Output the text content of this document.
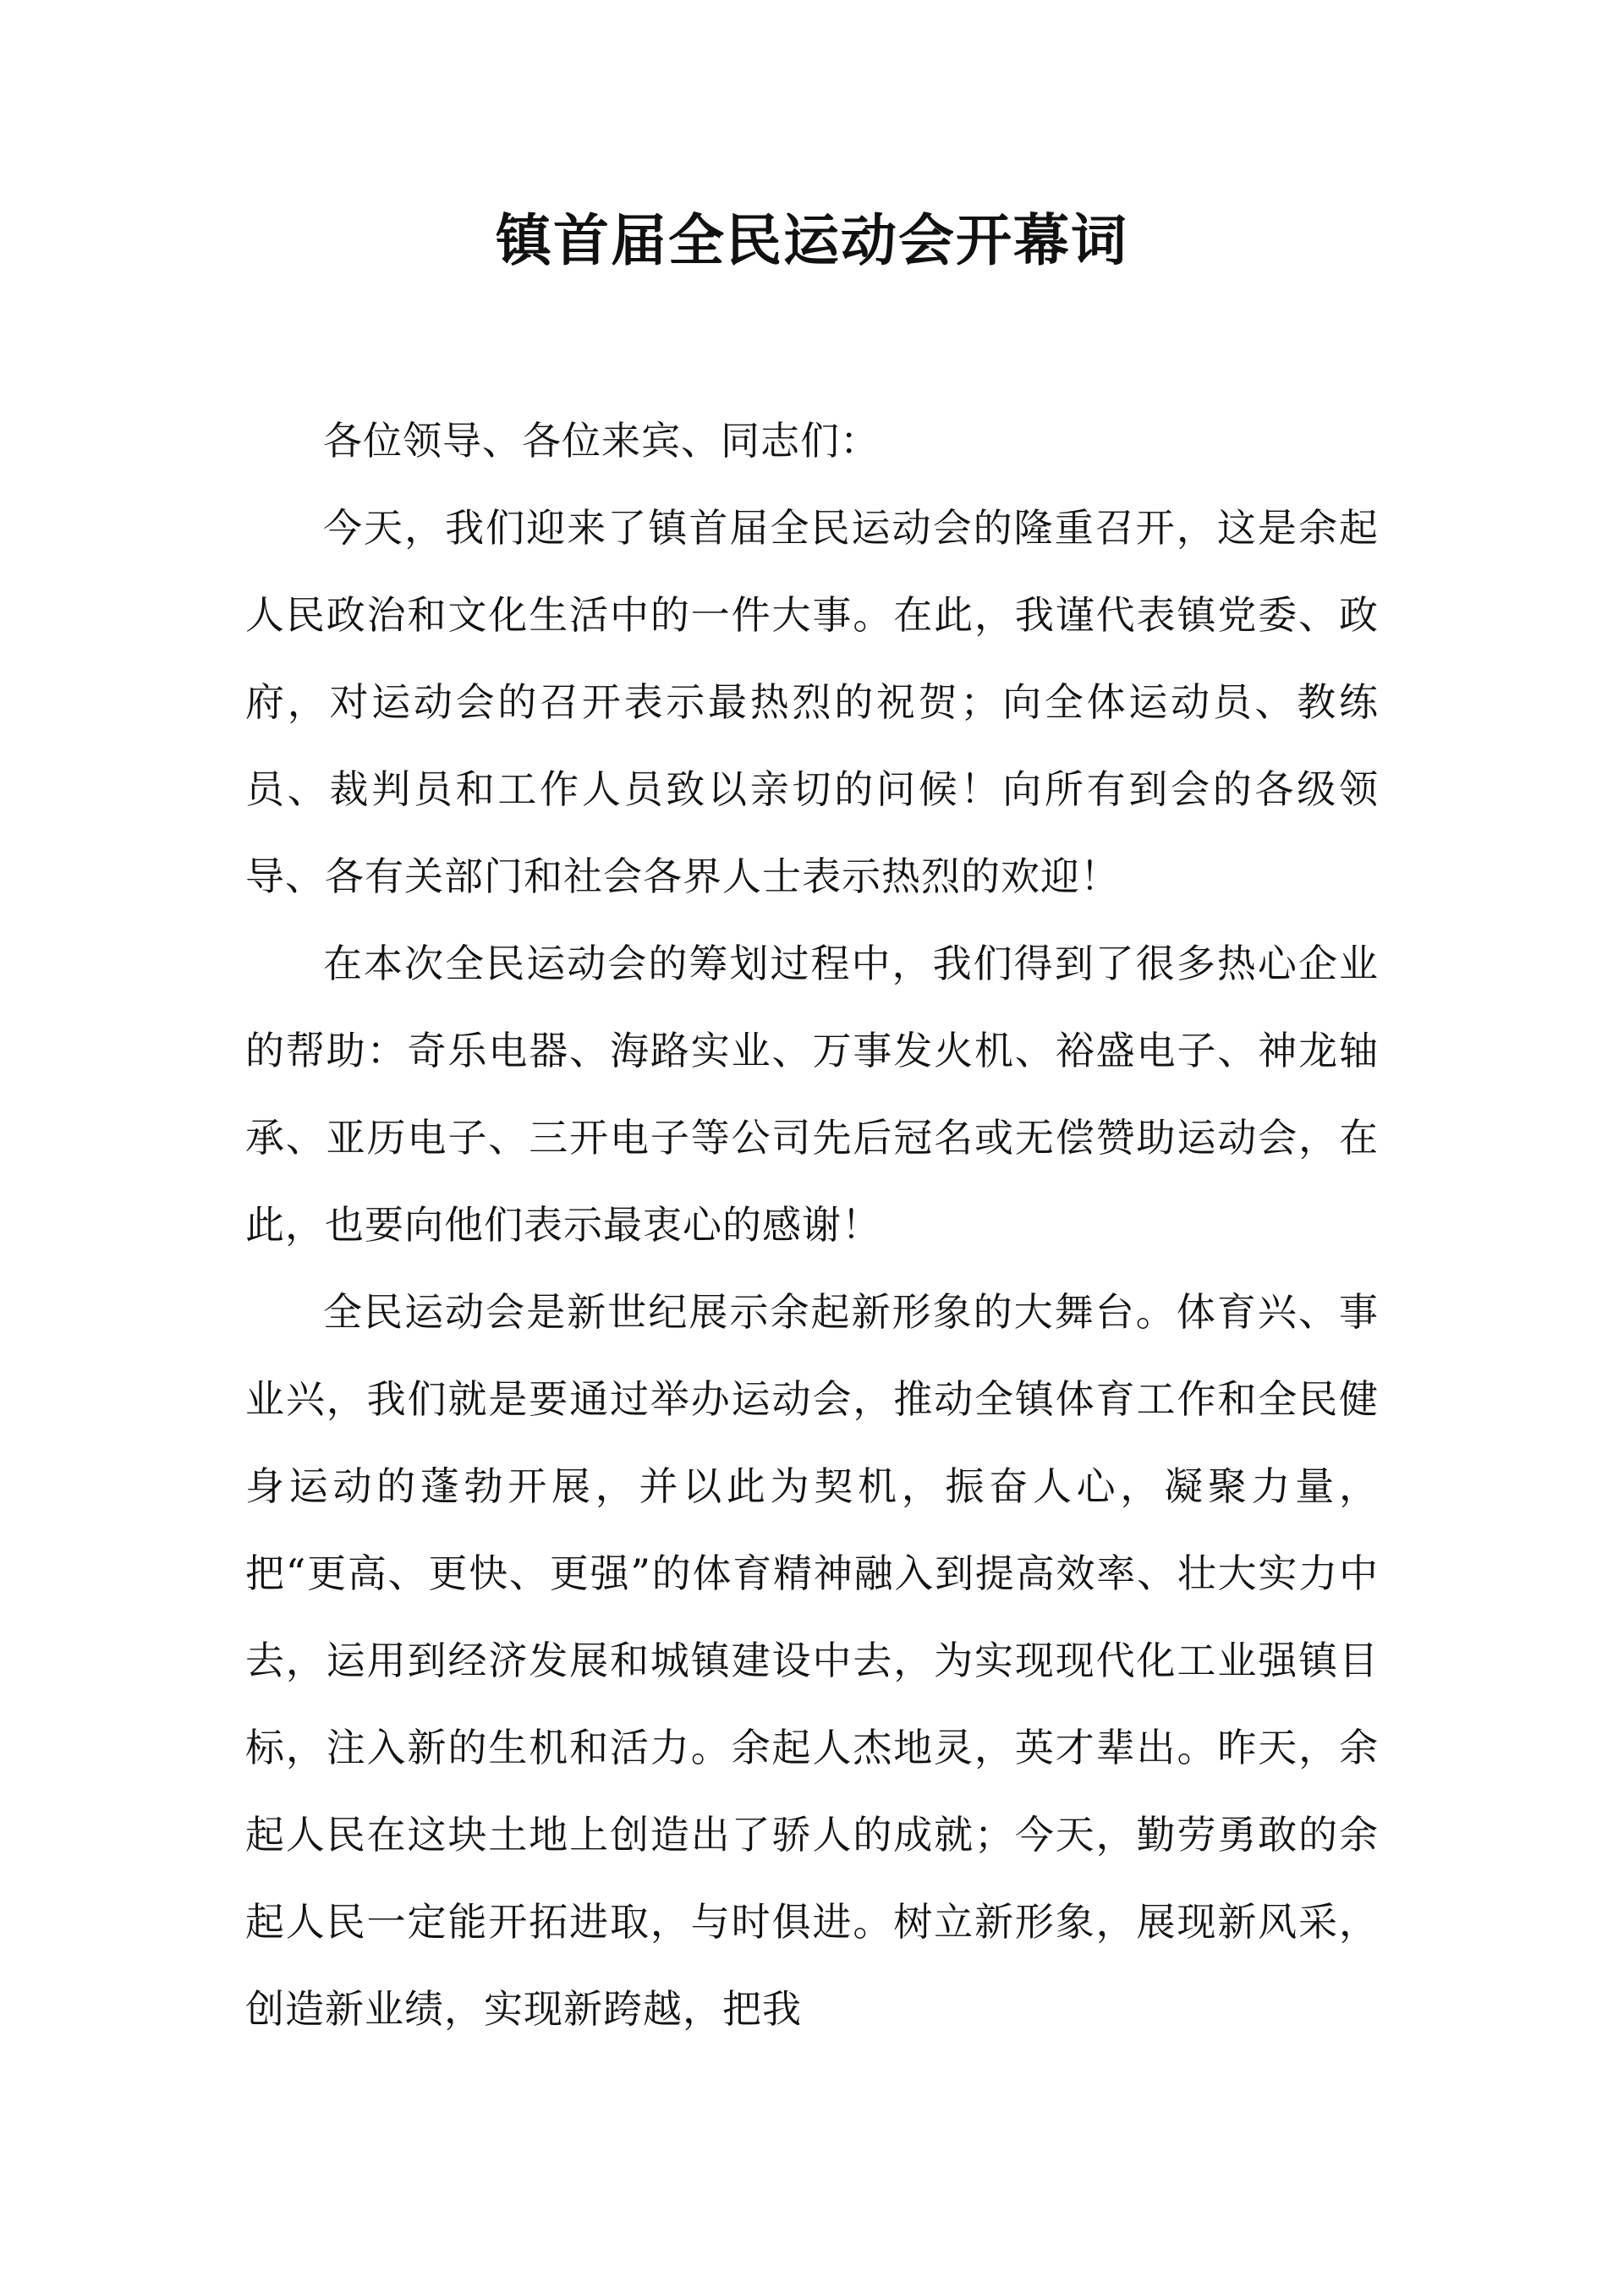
镇首届全民运动会开幕词

各位领导、各位来宾、同志们：

今天，我们迎来了镇首届全民运动会的隆重召开，这是余起人民政治和文化生活中的一件大事。在此，我谨代表镇党委、政府，对运动会的召开表示最热烈的祝贺；向全体运动员、教练员、裁判员和工作人员致以亲切的问候！向所有到会的各级领导、各有关部门和社会各界人士表示热烈的欢迎！

在本次全民运动会的筹划过程中，我们得到了很多热心企业的帮助：奇乐电器、海路实业、万事发火机、裕盛电子、神龙轴承、亚历电子、三开电子等公司先后冠名或无偿赞助运动会，在此，也要向他们表示最衷心的感谢！

全民运动会是新世纪展示余起新形象的大舞台。体育兴、事业兴，我们就是要通过举办运动会，推动全镇体育工作和全民健身运动的蓬勃开展，并以此为契机，振奋人心，凝聚力量，把“更高、更快、更强”的体育精神融入到提高效率、壮大实力中去，运用到经济发展和城镇建设中去，为实现现代化工业强镇目标，注入新的生机和活力。余起人杰地灵，英才辈出。昨天，余起人民在这块土地上创造出了骄人的成就；今天，勤劳勇敢的余起人民一定能开拓进取，与时俱进。树立新形象，展现新风采，创造新业绩，实现新跨越，把我
